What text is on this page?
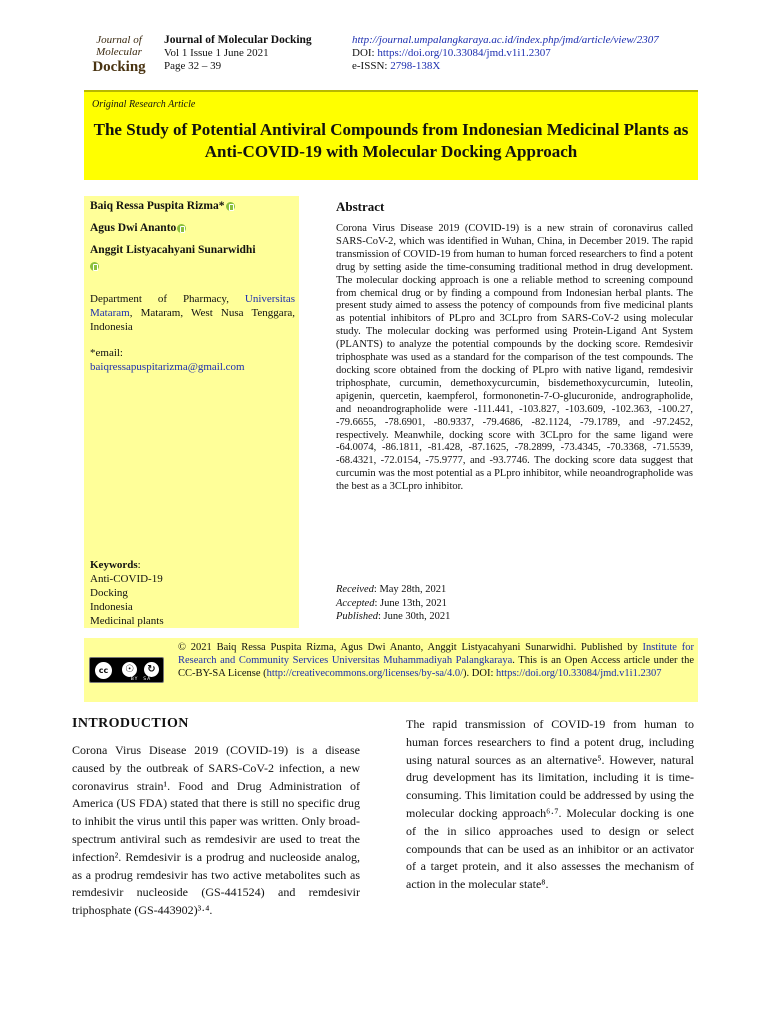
Journal of
Molecular
Docking
Journal of Molecular Docking
Vol 1 Issue 1 June 2021
Page 32 – 39
http://journal.umpalangkaraya.ac.id/index.php/jmd/article/view/2307
DOI: https://doi.org/10.33084/jmd.v1i1.2307
e-ISSN: 2798-138X
Original Research Article
The Study of Potential Antiviral Compounds from Indonesian Medicinal Plants as Anti-COVID-19 with Molecular Docking Approach
Baiq Ressa Puspita Rizma*
Agus Dwi Ananto
Anggit Listyacahyani Sunarwidhi

Department of Pharmacy, Universitas Mataram, Mataram, West Nusa Tenggara, Indonesia
*email:
baiqressapuspitarizma@gmail.com
Keywords:
Anti-COVID-19
Docking
Indonesia
Medicinal plants
Abstract
Corona Virus Disease 2019 (COVID-19) is a new strain of coronavirus called SARS-CoV-2, which was identified in Wuhan, China, in December 2019. The rapid transmission of COVID-19 from human to human forced researchers to find a potent drug by setting aside the time-consuming traditional method in drug development. The molecular docking approach is one a reliable method to screening compound from chemical drug or by finding a compound from Indonesian herbal plants. The present study aimed to assess the potency of compounds from five medicinal plants as potential inhibitors of PLpro and 3CLpro from SARS-CoV-2 using molecular study. The molecular docking was performed using Protein-Ligand Ant System (PLANTS) to analyze the potential compounds by the docking score. Remdesivir triphosphate was used as a standard for the comparison of the test compounds. The docking score obtained from the docking of PLpro with native ligand, remdesivir triphosphate, curcumin, demethoxycurcumin, bisdemethoxycurcumin, luteolin, apigenin, quercetin, kaempferol, formononetin-7-O-glucuronide, andrographolide, and neoandrographolide were -111.441, -103.827, -103.609, -102.363, -100.27, -79.6655, -78.6901, -80.9337, -79.4686, -82.1124, -79.1789, and -97.2452, respectively. Meanwhile, docking score with 3CLpro for the same ligand were -64.0074, -86.1811, -81.428, -87.1625, -78.2899, -73.4345, -70.3368, -71.5539, -68.4321, -72.0154, -75.9777, and -93.7746. The docking score data suggest that curcumin was the most potential as a PLpro inhibitor, while neoandrographolide was the best as a 3CLpro inhibitor.
Received: May 28th, 2021
Accepted: June 13th, 2021
Published: June 30th, 2021
cc	☉	↻
BY SA
© 2021 Baiq Ressa Puspita Rizma, Agus Dwi Ananto, Anggit Listyacahyani Sunarwidhi. Published by Institute for Research and Community Services Universitas Muhammadiyah Palangkaraya. This is an Open Access article under the CC-BY-SA License (http://creativecommons.org/licenses/by-sa/4.0/). DOI: https://doi.org/10.33084/jmd.v1i1.2307
INTRODUCTION
Corona Virus Disease 2019 (COVID-19) is a disease caused by the outbreak of SARS-CoV-2 infection, a new coronavirus strain¹. Food and Drug Administration of America (US FDA) stated that there is still no specific drug to inhibit the virus until this paper was written. Only broad-spectrum antiviral such as remdesivir are used to treat the infection². Remdesivir is a prodrug and nucleoside analog, as a prodrug remdesivir has two active metabolites such as remdesivir nucleoside (GS-441524) and remdesivir triphosphate (GS-443902)³·⁴.
The rapid transmission of COVID-19 from human to human forces researchers to find a potent drug, including using natural sources as an alternative⁵. However, natural drug development has its limitation, including it is time-consuming. This limitation could be addressed by using the molecular docking approach⁶·⁷. Molecular docking is one of the in silico approaches used to design or select compounds that can be used as an inhibitor or an activator of a target protein, and it also assesses the mechanism of action in the molecular state⁸.
